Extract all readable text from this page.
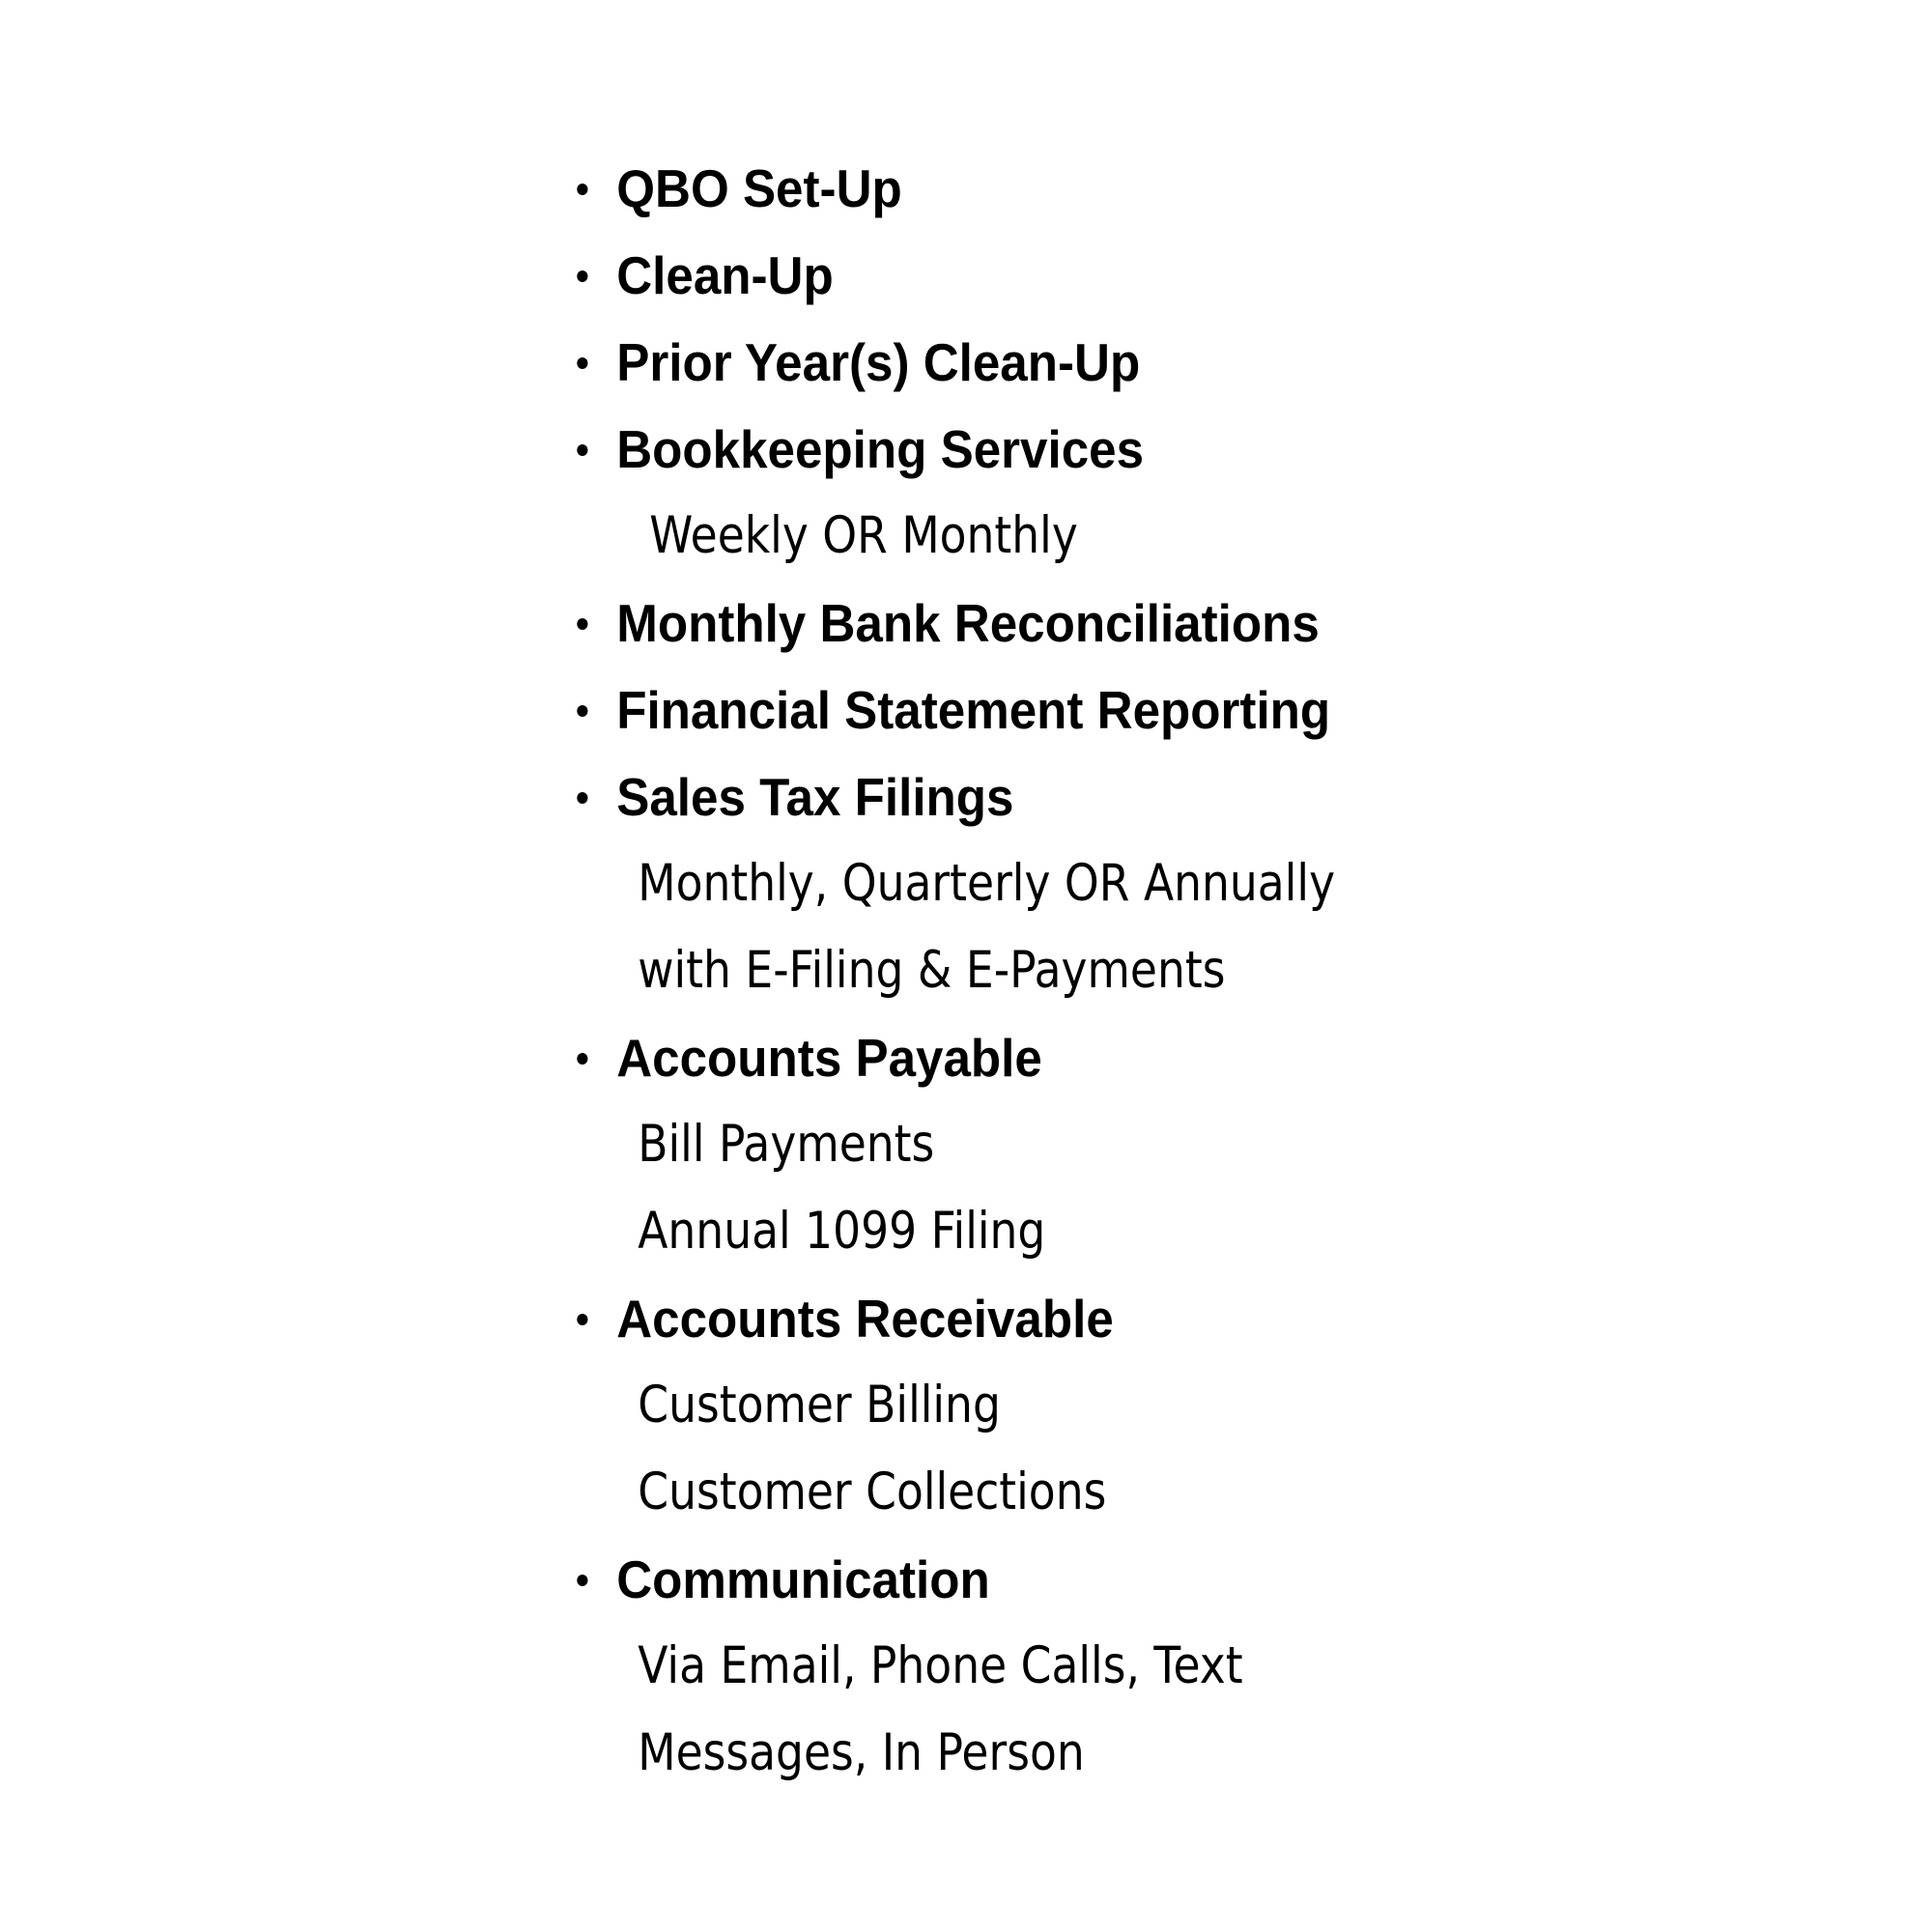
QBO Set-Up
Clean-Up
Prior Year(s) Clean-Up
Bookkeeping Services
Weekly OR Monthly
Monthly Bank Reconciliations
Financial Statement Reporting
Sales Tax Filings
Monthly, Quarterly OR Annually
with E-Filing & E-Payments
Accounts Payable
Bill Payments
Annual 1099 Filing
Accounts Receivable
Customer Billing
Customer Collections
Communication
Via Email, Phone Calls, Text
Messages, In Person
